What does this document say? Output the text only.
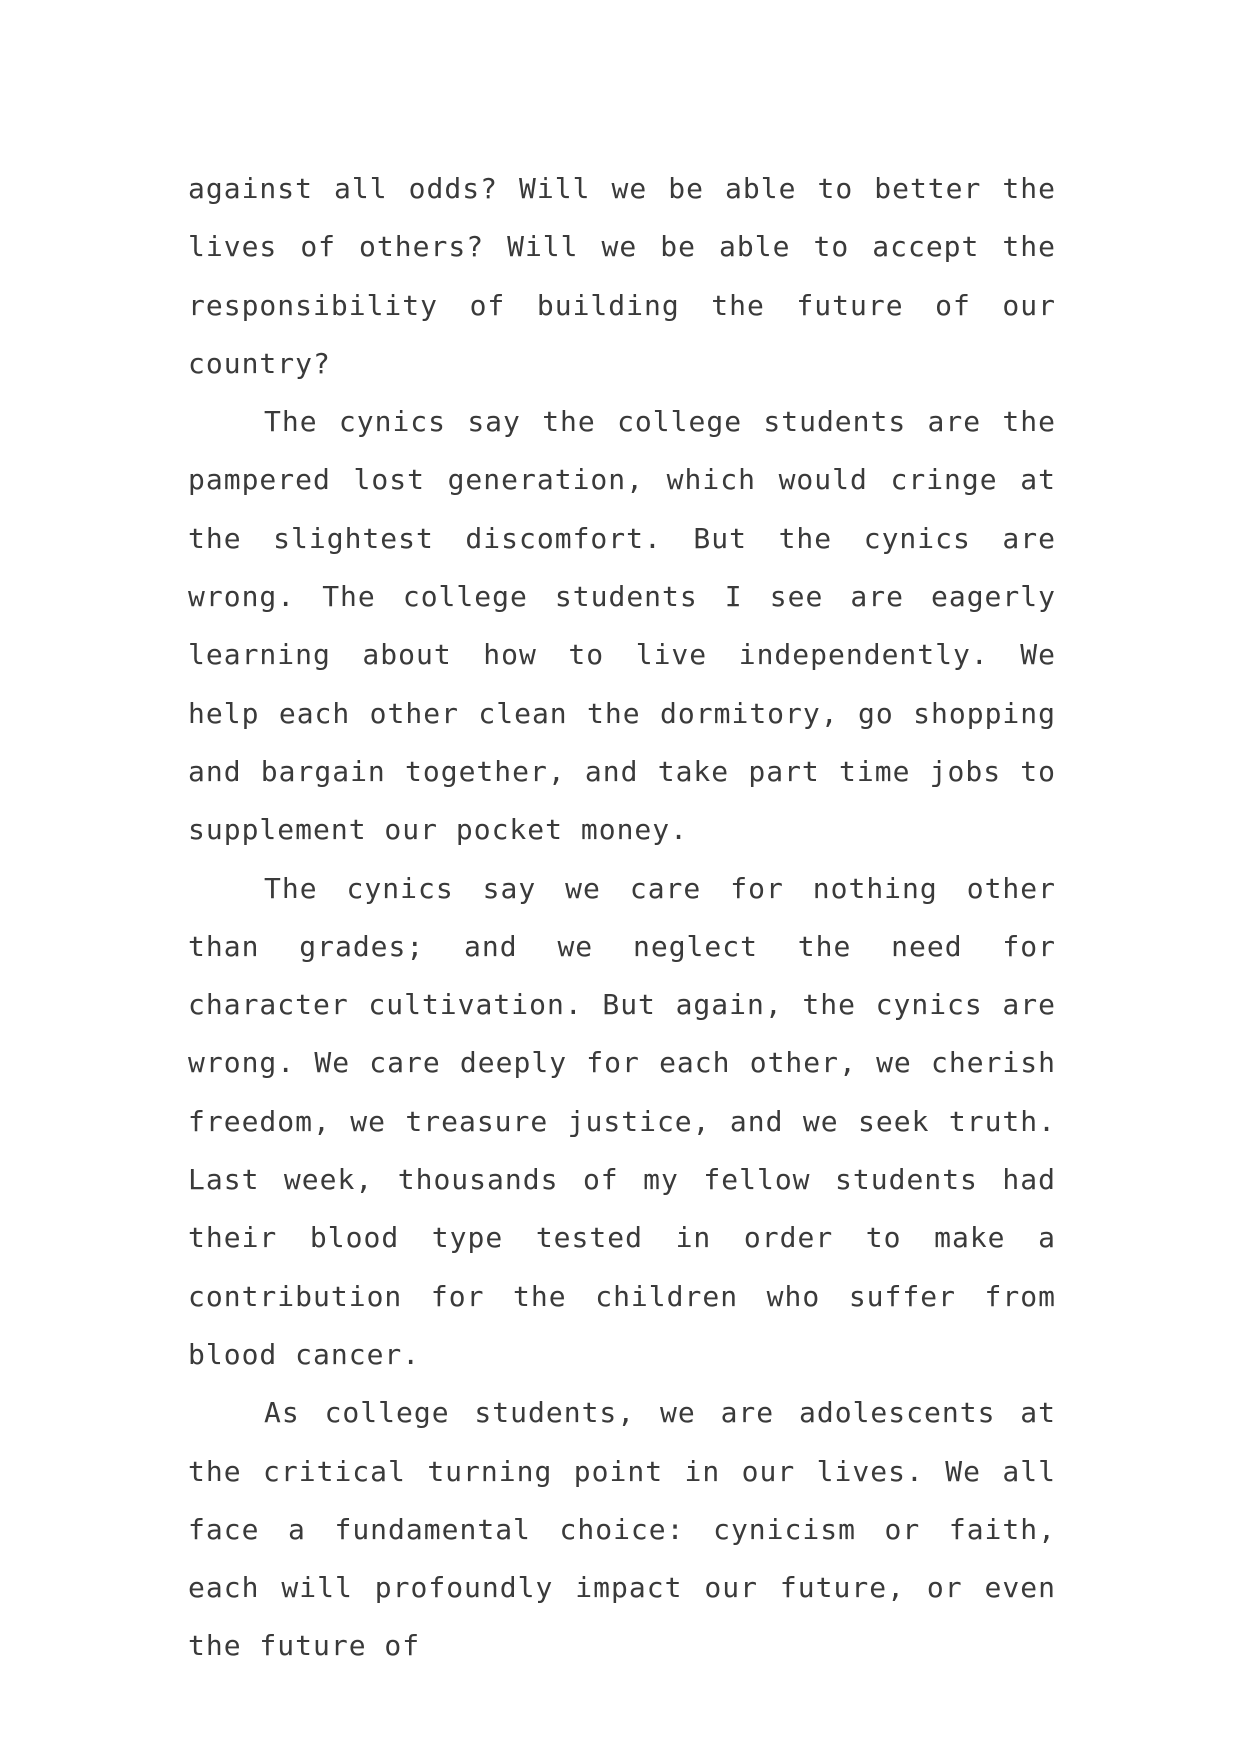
against all odds? Will we be able to better the lives of others? Will we be able to accept the responsibility of building the future of our country?

The cynics say the college students are the pampered lost generation, which would cringe at the slightest discomfort. But the cynics are wrong. The college students I see are eagerly learning about how to live independently. We help each other clean the dormitory, go shopping and bargain together, and take part time jobs to supplement our pocket money.

The cynics say we care for nothing other than grades; and we neglect the need for character cultivation. But again, the cynics are wrong. We care deeply for each other, we cherish freedom, we treasure justice, and we seek truth. Last week, thousands of my fellow students had their blood type tested in order to make a contribution for the children who suffer from blood cancer.

As college students, we are adolescents at the critical turning point in our lives. We all face a fundamental choice: cynicism or faith, each will profoundly impact our future, or even the future of
